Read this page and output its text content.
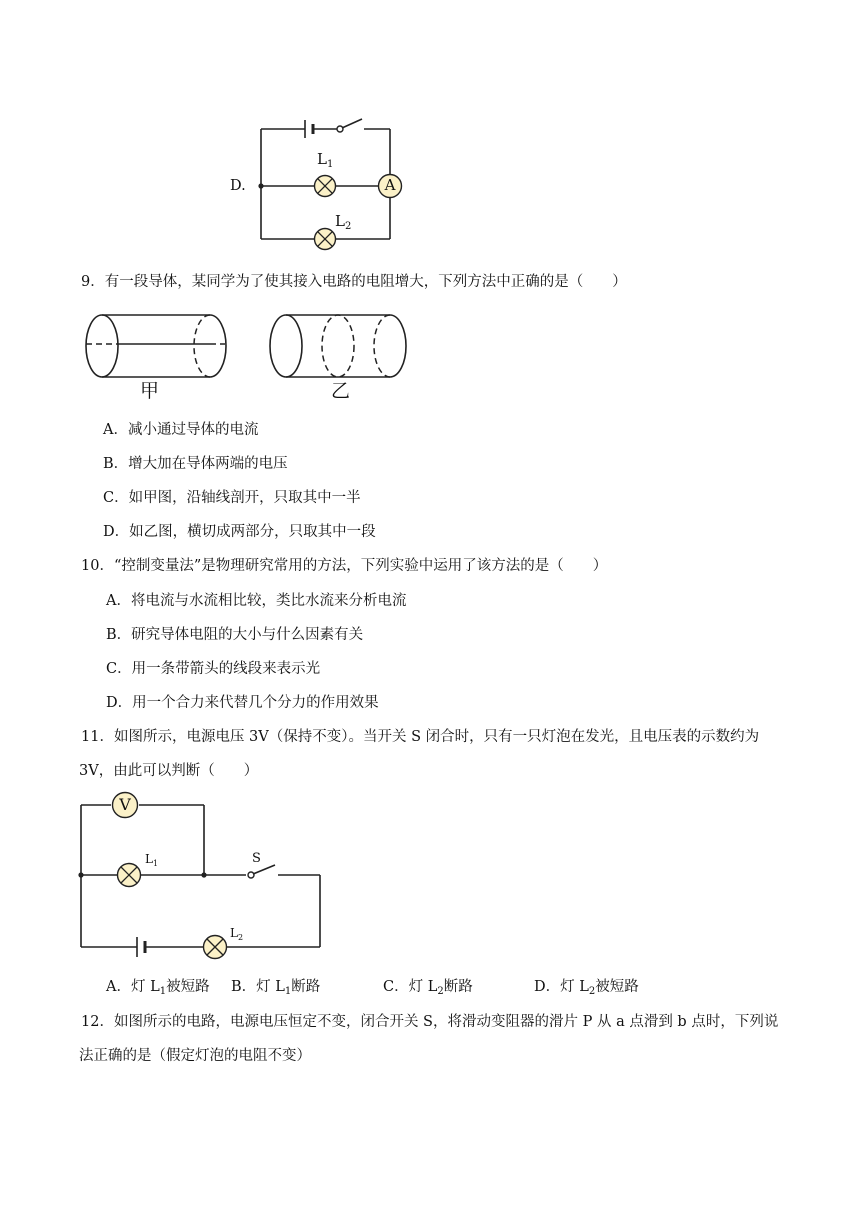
A
D.
$L_1$
$L_2$
9．有一段导体，某同学为了使其接入电路的电阻增大，下列方法中正确的是（　　）
甲	乙
A．减小通过导体的电流
B．增大加在导体两端的电压
C．如甲图，沿轴线剖开，只取其中一半
D．如乙图，横切成两部分，只取其中一段
10．“控制变量法”是物理研究常用的方法，下列实验中运用了该方法的是（　　）
A．将电流与水流相比较，类比水流来分析电流
B．研究导体电阻的大小与什么因素有关
C．用一条带箭头的线段来表示光
D．用一个合力来代替几个分力的作用效果
11．如图所示，电源电压 3V（保持不变）。当开关 S 闭合时，只有一只灯泡在发光，且电压表的示数约为
3V，由此可以判断（　　）
V
$L_1$	S
$L_2$
A．灯 $L_1$被短路 B．灯 $L_1$断路	C．灯 $L_2$断路	D．灯 $L_2$被短路
12．如图所示的电路，电源电压恒定不变，闭合开关 S，将滑动变阻器的滑片 P 从 a 点滑到 b 点时，下列说
法正确的是（假定灯泡的电阻不变）
